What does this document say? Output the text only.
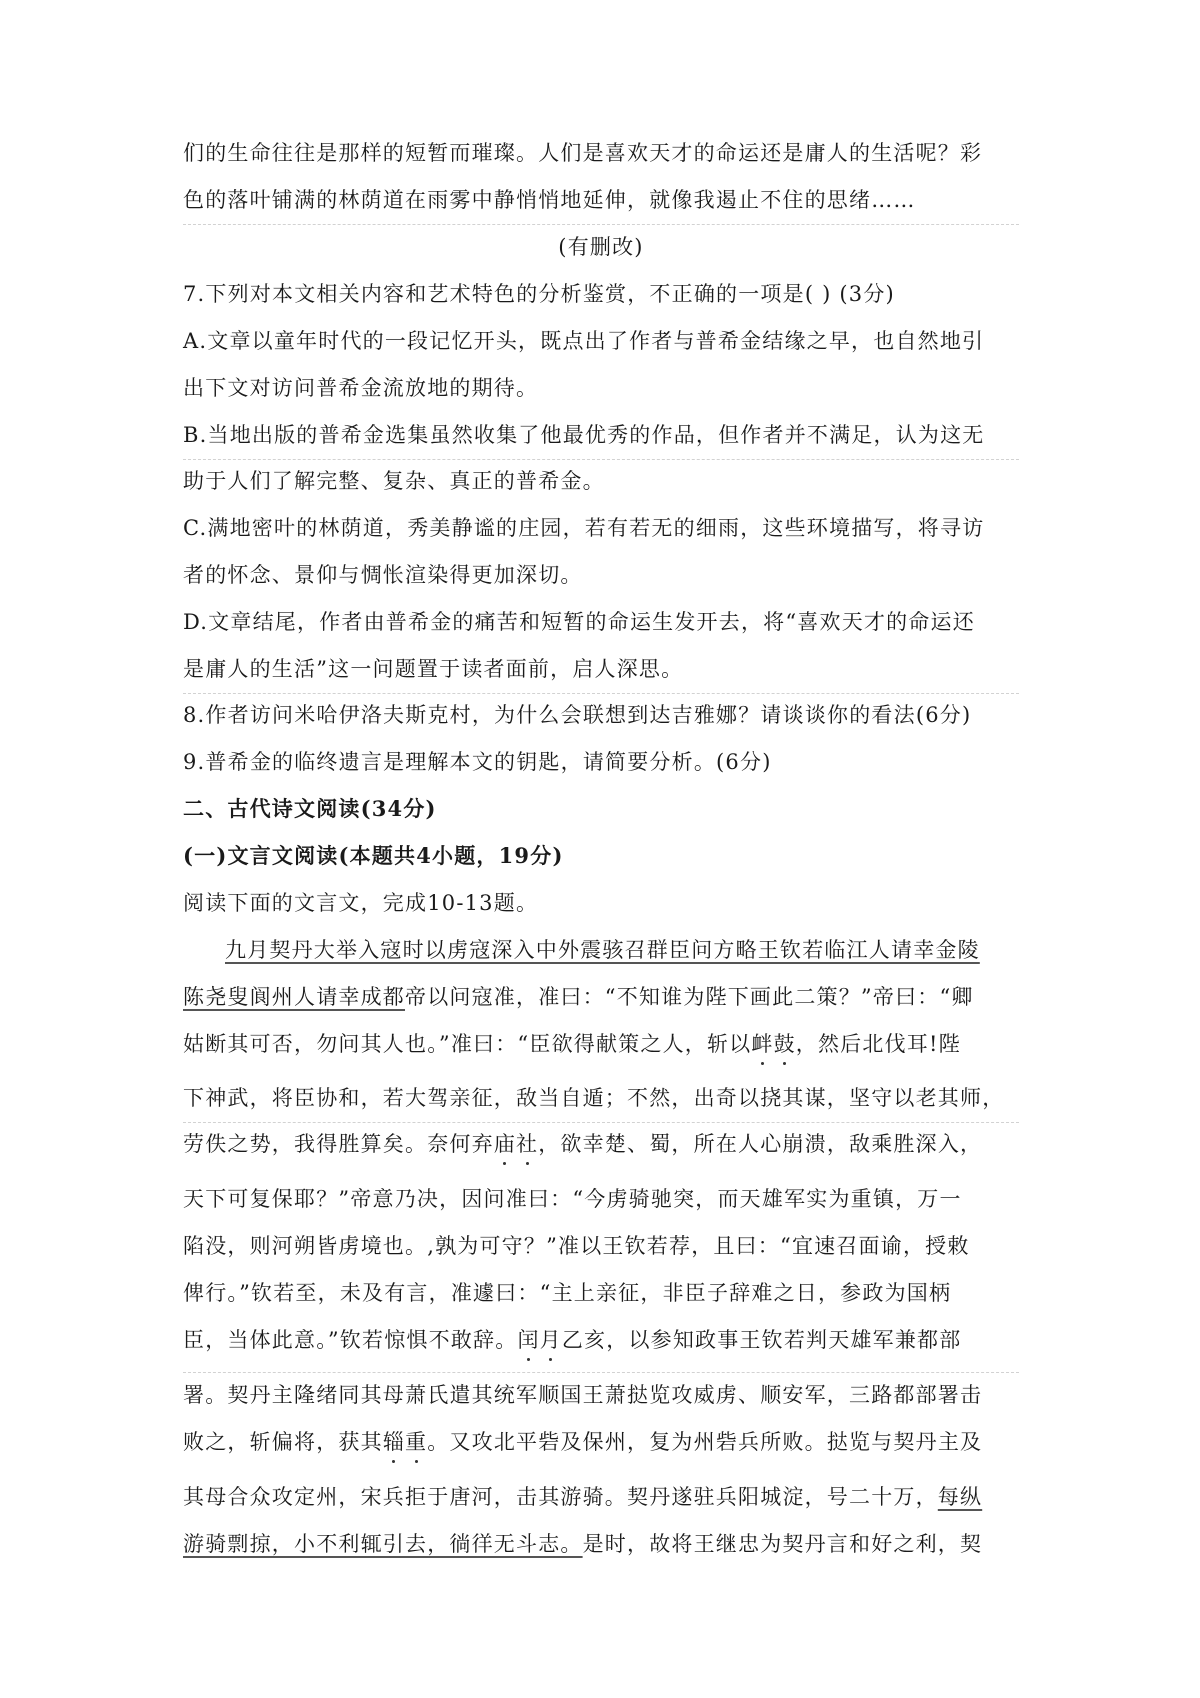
们的生命往往是那样的短暂而璀璨。人们是喜欢天才的命运还是庸人的生活呢？彩
色的落叶铺满的林荫道在雨雾中静悄悄地延伸，就像我遏止不住的思绪……
(有删改)
7.下列对本文相关内容和艺术特色的分析鉴赏，不正确的一项是( ) (3分)
A.文章以童年时代的一段记忆开头，既点出了作者与普希金结缘之早，也自然地引
出下文对访问普希金流放地的期待。
B.当地出版的普希金选集虽然收集了他最优秀的作品，但作者并不满足，认为这无
助于人们了解完整、复杂、真正的普希金。
C.满地密叶的林荫道，秀美静谧的庄园，若有若无的细雨，这些环境描写，将寻访
者的怀念、景仰与惆怅渲染得更加深切。
D.文章结尾，作者由普希金的痛苦和短暂的命运生发开去，将“喜欢天才的命运还
是庸人的生活”这一问题置于读者面前，启人深思。
8.作者访问米哈伊洛夫斯克村，为什么会联想到达吉雅娜？请谈谈你的看法(6分)
9.普希金的临终遗言是理解本文的钥匙，请简要分析。(6分)
二、古代诗文阅读(34分)
(一)文言文阅读(本题共4小题，19分)
阅读下面的文言文，完成10-13题。
九月契丹大举入寇时以虏寇深入中外震骇召群臣问方略王钦若临江人请幸金陵
陈尧叟阆州人请幸成都帝以问寇准，准曰：“不知谁为陛下画此二策？”帝曰：“卿
姑断其可否，勿问其人也。”准曰：“臣欲得献策之人，斩以衅鼓，然后北伐耳!陛
下神武，将臣协和，若大驾亲征，敌当自遁；不然，出奇以挠其谋，坚守以老其师，
劳佚之势，我得胜算矣。奈何弃庙社，欲幸楚、蜀，所在人心崩溃，敌乘胜深入，
天下可复保耶？”帝意乃决，因问准曰：“今虏骑驰突，而天雄军实为重镇，万一
陷没，则河朔皆虏境也。,孰为可守？”准以王钦若荐，且曰：“宜速召面谕，授敕
俾行。”钦若至，未及有言，准遽曰：“主上亲征，非臣子辞难之日，参政为国柄
臣，当体此意。”钦若惊惧不敢辞。闰月乙亥，以参知政事王钦若判天雄军兼都部
署。契丹主隆绪同其母萧氏遣其统军顺国王萧挞览攻威虏、顺安军，三路都部署击
败之，斩偏将，获其辎重。又攻北平砦及保州，复为州砦兵所败。挞览与契丹主及
其母合众攻定州，宋兵拒于唐河，击其游骑。契丹遂驻兵阳城淀，号二十万，每纵
游骑剽掠，小不利辄引去，徜徉无斗志。是时，故将王继忠为契丹言和好之利，契
